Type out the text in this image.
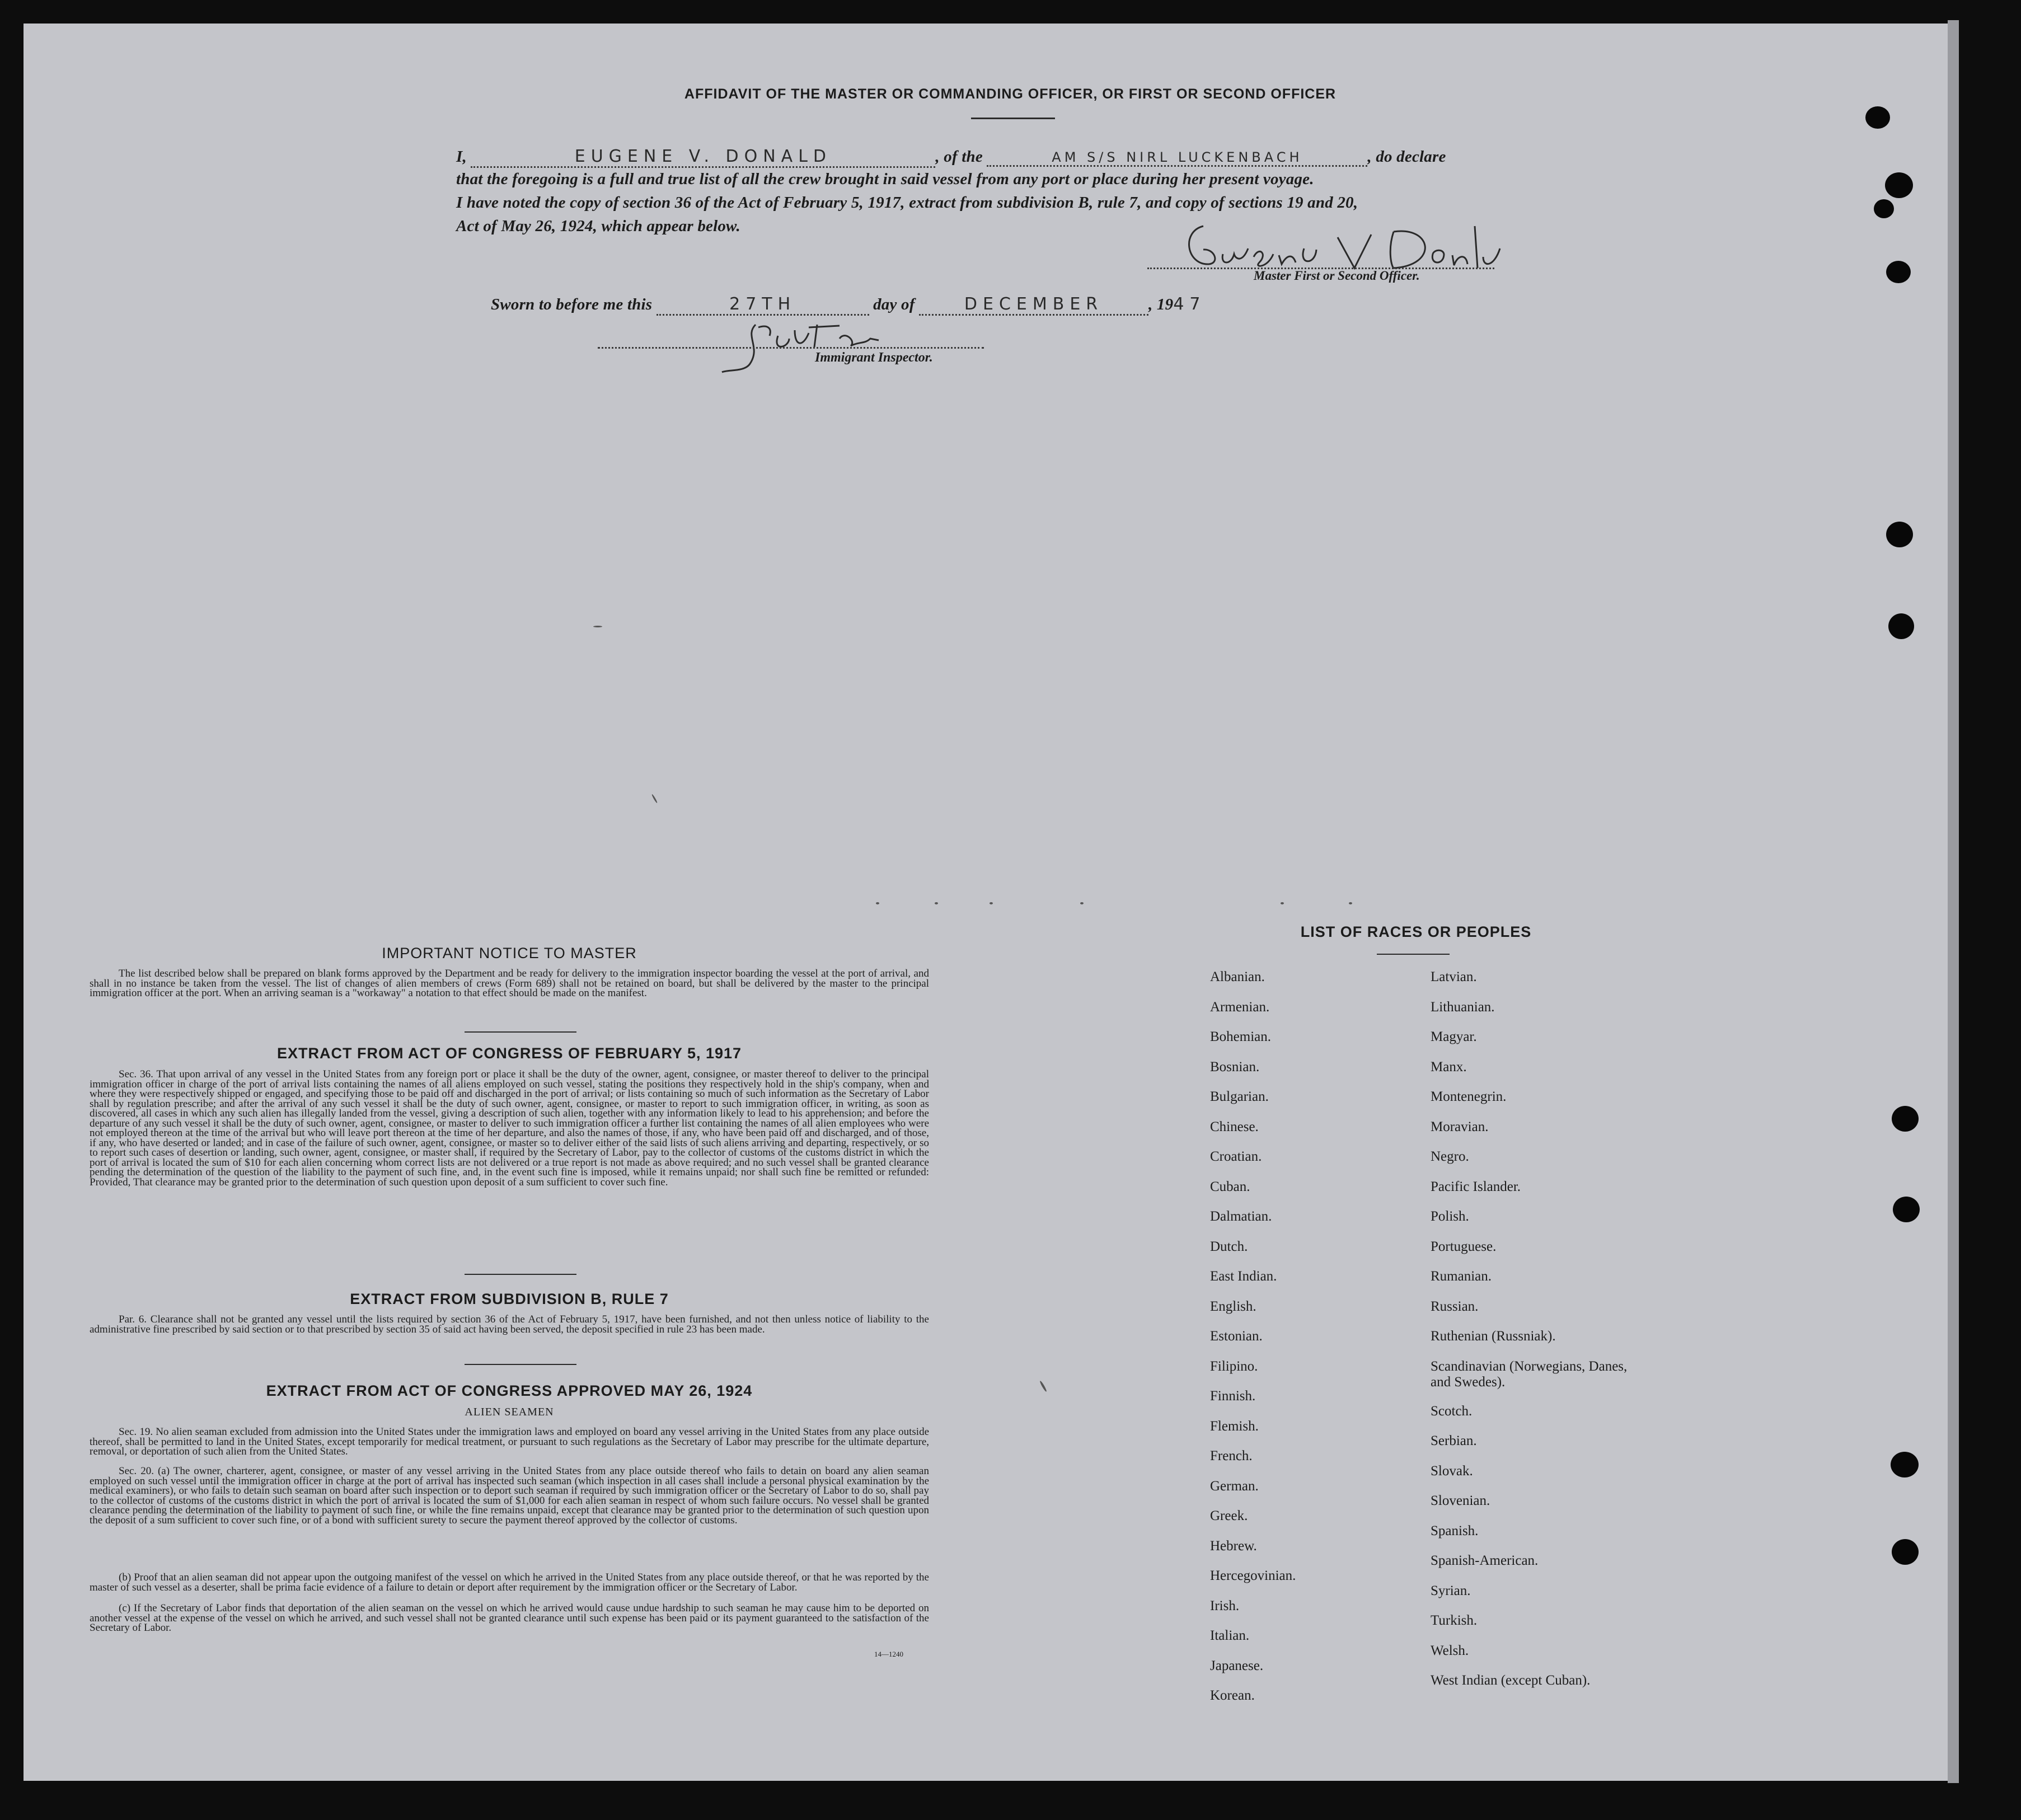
AFFIDAVIT OF THE MASTER OR COMMANDING OFFICER, OR FIRST OR SECOND OFFICER
I,	EUGENE V. DONALD	, of the	AM S/S NIRL LUCKENBACH	, do declare
that the foregoing is a full and true list of all the crew brought in said vessel from any port or place during her present voyage.
I have noted the copy of section 36 of the Act of February 5, 1917, extract from subdivision B, rule 7, and copy of sections 19 and 20,
Act of May 26, 1924, which appear below.
Master First or Second Officer.
Sworn to before me this	27TH	day of	DECEMBER	, 1947
Immigrant Inspector.
IMPORTANT NOTICE TO MASTER
The list described below shall be prepared on blank forms approved by the Department and be ready for delivery to the immigration inspector boarding the vessel at the port of arrival, and shall in no instance be taken from the vessel. The list of changes of alien members of crews (Form 689) shall not be retained on board, but shall be delivered by the master to the principal immigration officer at the port. When an arriving seaman is a "workaway" a notation to that effect should be made on the manifest.
EXTRACT FROM ACT OF CONGRESS OF FEBRUARY 5, 1917
Sec. 36. That upon arrival of any vessel in the United States from any foreign port or place it shall be the duty of the owner, agent, consignee, or master thereof to deliver to the principal immigration officer in charge of the port of arrival lists containing the names of all aliens employed on such vessel, stating the positions they respectively hold in the ship's company, when and where they were respectively shipped or engaged, and specifying those to be paid off and discharged in the port of arrival; or lists containing so much of such information as the Secretary of Labor shall by regulation prescribe; and after the arrival of any such vessel it shall be the duty of such owner, agent, consignee, or master to report to such immigration officer, in writing, as soon as discovered, all cases in which any such alien has illegally landed from the vessel, giving a description of such alien, together with any information likely to lead to his apprehension; and before the departure of any such vessel it shall be the duty of such owner, agent, consignee, or master to deliver to such immigration officer a further list containing the names of all alien employees who were not employed thereon at the time of the arrival but who will leave port thereon at the time of her departure, and also the names of those, if any, who have been paid off and discharged, and of those, if any, who have deserted or landed; and in case of the failure of such owner, agent, consignee, or master so to deliver either of the said lists of such aliens arriving and departing, respectively, or so to report such cases of desertion or landing, such owner, agent, consignee, or master shall, if required by the Secretary of Labor, pay to the collector of customs of the customs district in which the port of arrival is located the sum of $10 for each alien concerning whom correct lists are not delivered or a true report is not made as above required; and no such vessel shall be granted clearance pending the determination of the question of the liability to the payment of such fine, and, in the event such fine is imposed, while it remains unpaid; nor shall such fine be remitted or refunded: Provided, That clearance may be granted prior to the determination of such question upon deposit of a sum sufficient to cover such fine.
EXTRACT FROM SUBDIVISION B, RULE 7
Par. 6. Clearance shall not be granted any vessel until the lists required by section 36 of the Act of February 5, 1917, have been furnished, and not then unless notice of liability to the administrative fine prescribed by said section or to that prescribed by section 35 of said act having been served, the deposit specified in rule 23 has been made.
EXTRACT FROM ACT OF CONGRESS APPROVED MAY 26, 1924
ALIEN SEAMEN
Sec. 19. No alien seaman excluded from admission into the United States under the immigration laws and employed on board any vessel arriving in the United States from any place outside thereof, shall be permitted to land in the United States, except temporarily for medical treatment, or pursuant to such regulations as the Secretary of Labor may prescribe for the ultimate departure, removal, or deportation of such alien from the United States.
Sec. 20. (a) The owner, charterer, agent, consignee, or master of any vessel arriving in the United States from any place outside thereof who fails to detain on board any alien seaman employed on such vessel until the immigration officer in charge at the port of arrival has inspected such seaman (which inspection in all cases shall include a personal physical examination by the medical examiners), or who fails to detain such seaman on board after such inspection or to deport such seaman if required by such immigration officer or the Secretary of Labor to do so, shall pay to the collector of customs of the customs district in which the port of arrival is located the sum of $1,000 for each alien seaman in respect of whom such failure occurs. No vessel shall be granted clearance pending the determination of the liability to payment of such fine, or while the fine remains unpaid, except that clearance may be granted prior to the determination of such question upon the deposit of a sum sufficient to cover such fine, or of a bond with sufficient surety to secure the payment thereof approved by the collector of customs.
(b) Proof that an alien seaman did not appear upon the outgoing manifest of the vessel on which he arrived in the United States from any place outside thereof, or that he was reported by the master of such vessel as a deserter, shall be prima facie evidence of a failure to detain or deport after requirement by the immigration officer or the Secretary of Labor.
(c) If the Secretary of Labor finds that deportation of the alien seaman on the vessel on which he arrived would cause undue hardship to such seaman he may cause him to be deported on another vessel at the expense of the vessel on which he arrived, and such vessel shall not be granted clearance until such expense has been paid or its payment guaranteed to the satisfaction of the Secretary of Labor.
14—1240
LIST OF RACES OR PEOPLES
Albanian.
Armenian.
Bohemian.
Bosnian.
Bulgarian.
Chinese.
Croatian.
Cuban.
Dalmatian.
Dutch.
East Indian.
English.
Estonian.
Filipino.
Finnish.
Flemish.
French.
German.
Greek.
Hebrew.
Hercegovinian.
Irish.
Italian.
Japanese.
Korean.
Latvian.
Lithuanian.
Magyar.
Manx.
Montenegrin.
Moravian.
Negro.
Pacific Islander.
Polish.
Portuguese.
Rumanian.
Russian.
Ruthenian (Russniak).
Scandinavian (Norwegians, Danes, and Swedes).
Scotch.
Serbian.
Slovak.
Slovenian.
Spanish.
Spanish-American.
Syrian.
Turkish.
Welsh.
West Indian (except Cuban).
